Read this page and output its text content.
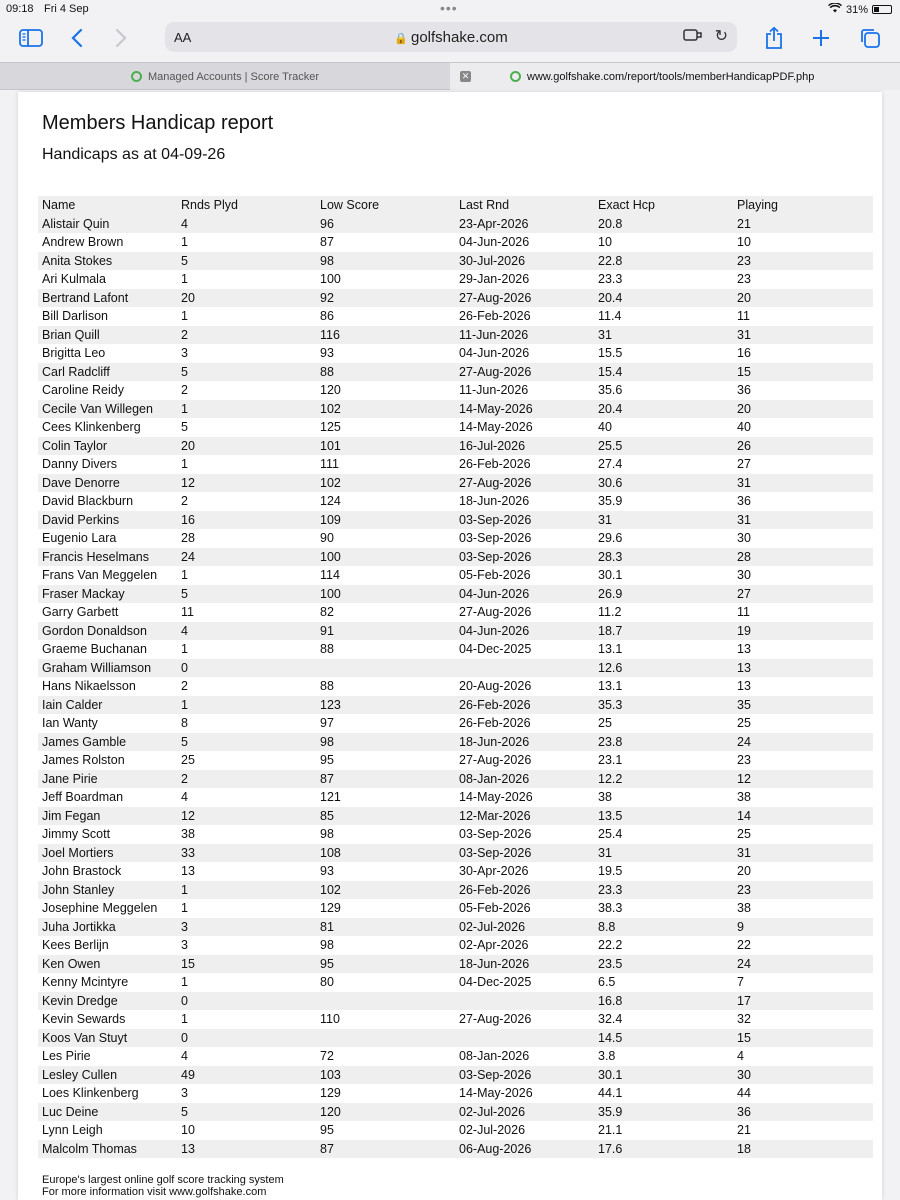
09:18 Fri 4 Sep	•••	31%
AA	🔒 golfshake.com	↻
Managed Accounts | Score Tracker	✕	www.golfshake.com/report/tools/memberHandicapPDF.php
Members Handicap report
Handicaps as at 04-09-26
Name	Rnds Plyd	Low Score	Last Rnd	Exact Hcp	Playing
Alistair Quin	4	96	23-Apr-2026	20.8	21
Andrew Brown	1	87	04-Jun-2026	10	10
Anita Stokes	5	98	30-Jul-2026	22.8	23
Ari Kulmala	1	100	29-Jan-2026	23.3	23
Bertrand Lafont	20	92	27-Aug-2026	20.4	20
Bill Darlison	1	86	26-Feb-2026	11.4	11
Brian Quill	2	116	11-Jun-2026	31	31
Brigitta Leo	3	93	04-Jun-2026	15.5	16
Carl Radcliff	5	88	27-Aug-2026	15.4	15
Caroline Reidy	2	120	11-Jun-2026	35.6	36
Cecile Van Willegen	1	102	14-May-2026	20.4	20
Cees Klinkenberg	5	125	14-May-2026	40	40
Colin Taylor	20	101	16-Jul-2026	25.5	26
Danny Divers	1	111	26-Feb-2026	27.4	27
Dave Denorre	12	102	27-Aug-2026	30.6	31
David Blackburn	2	124	18-Jun-2026	35.9	36
David Perkins	16	109	03-Sep-2026	31	31
Eugenio Lara	28	90	03-Sep-2026	29.6	30
Francis Heselmans	24	100	03-Sep-2026	28.3	28
Frans Van Meggelen	1	114	05-Feb-2026	30.1	30
Fraser Mackay	5	100	04-Jun-2026	26.9	27
Garry Garbett	11	82	27-Aug-2026	11.2	11
Gordon Donaldson	4	91	04-Jun-2026	18.7	19
Graeme Buchanan	1	88	04-Dec-2025	13.1	13
Graham Williamson	0			12.6	13
Hans Nikaelsson	2	88	20-Aug-2026	13.1	13
Iain Calder	1	123	26-Feb-2026	35.3	35
Ian Wanty	8	97	26-Feb-2026	25	25
James Gamble	5	98	18-Jun-2026	23.8	24
James Rolston	25	95	27-Aug-2026	23.1	23
Jane Pirie	2	87	08-Jan-2026	12.2	12
Jeff Boardman	4	121	14-May-2026	38	38
Jim Fegan	12	85	12-Mar-2026	13.5	14
Jimmy Scott	38	98	03-Sep-2026	25.4	25
Joel Mortiers	33	108	03-Sep-2026	31	31
John Brastock	13	93	30-Apr-2026	19.5	20
John Stanley	1	102	26-Feb-2026	23.3	23
Josephine Meggelen	1	129	05-Feb-2026	38.3	38
Juha Jortikka	3	81	02-Jul-2026	8.8	9
Kees Berlijn	3	98	02-Apr-2026	22.2	22
Ken Owen	15	95	18-Jun-2026	23.5	24
Kenny Mcintyre	1	80	04-Dec-2025	6.5	7
Kevin Dredge	0			16.8	17
Kevin Sewards	1	110	27-Aug-2026	32.4	32
Koos Van Stuyt	0			14.5	15
Les Pirie	4	72	08-Jan-2026	3.8	4
Lesley Cullen	49	103	03-Sep-2026	30.1	30
Loes Klinkenberg	3	129	14-May-2026	44.1	44
Luc Deine	5	120	02-Jul-2026	35.9	36
Lynn Leigh	10	95	02-Jul-2026	21.1	21
Malcolm Thomas	13	87	06-Aug-2026	17.6	18
Europe's largest online golf score tracking system
For more information visit www.golfshake.com
